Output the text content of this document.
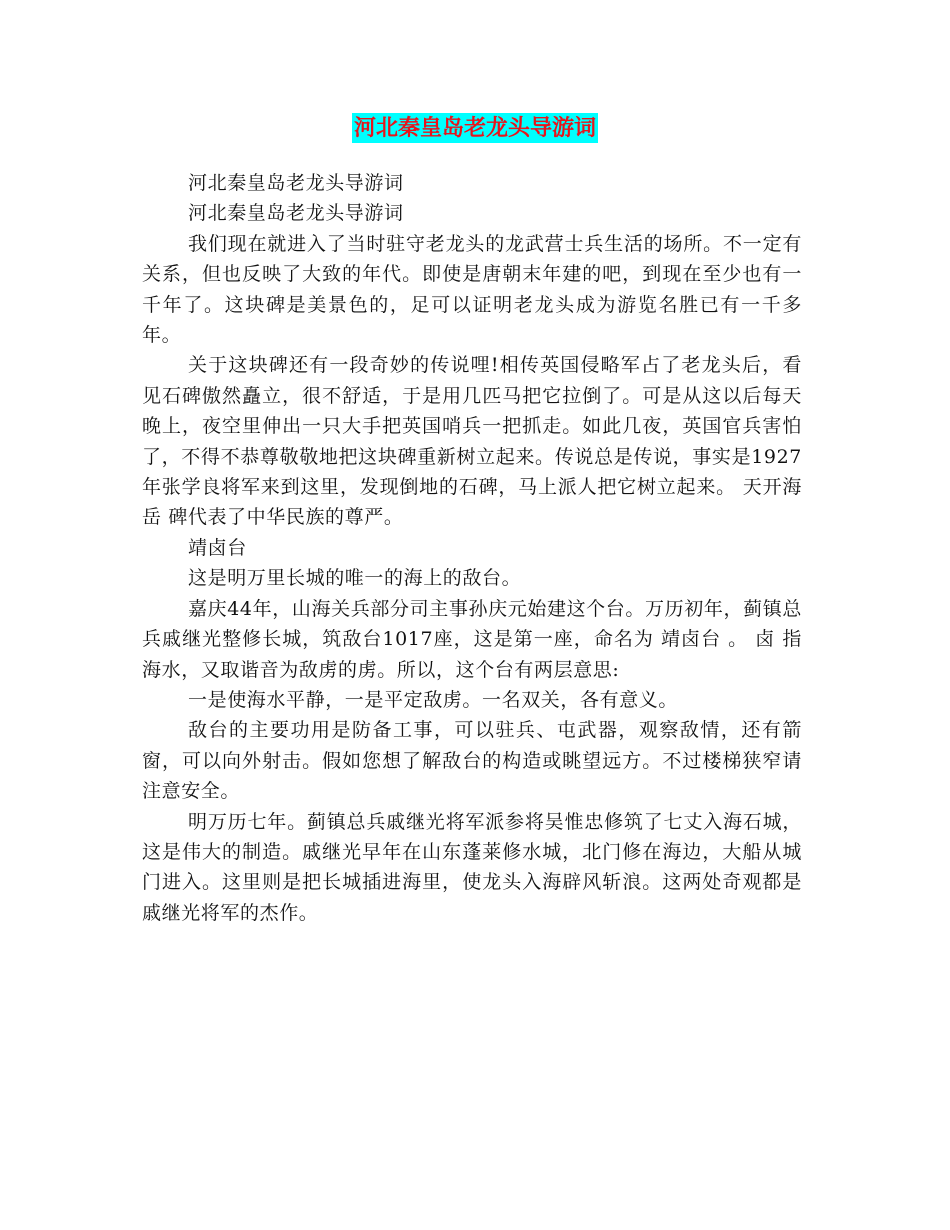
河北秦皇岛老龙头导游词

河北秦皇岛老龙头导游词

河北秦皇岛老龙头导游词

我们现在就进入了当时驻守老龙头的龙武营士兵生活的场所。不一定有关系，但也反映了大致的年代。即使是唐朝末年建的吧，到现在至少也有一千年了。这块碑是美景色的，足可以证明老龙头成为游览名胜已有一千多年。

关于这块碑还有一段奇妙的传说哩!相传英国侵略军占了老龙头后，看见石碑傲然矗立，很不舒适，于是用几匹马把它拉倒了。可是从这以后每天晚上，夜空里伸出一只大手把英国哨兵一把抓走。如此几夜，英国官兵害怕了，不得不恭尊敬敬地把这块碑重新树立起来。传说总是传说，事实是1927年张学良将军来到这里，发现倒地的石碑，马上派人把它树立起来。 天开海岳 碑代表了中华民族的尊严。

靖卤台

这是明万里长城的唯一的海上的敌台。

嘉庆44年，山海关兵部分司主事孙庆元始建这个台。万历初年，蓟镇总兵戚继光整修长城，筑敌台1017座，这是第一座，命名为 靖卤台 。 卤 指海水，又取谐音为敌虏的虏。所以，这个台有两层意思:

一是使海水平静，一是平定敌虏。一名双关，各有意义。

敌台的主要功用是防备工事，可以驻兵、屯武器，观察敌情，还有箭窗，可以向外射击。假如您想了解敌台的构造或眺望远方。不过楼梯狭窄请注意安全。

明万历七年。蓟镇总兵戚继光将军派参将吴惟忠修筑了七丈入海石城，这是伟大的制造。戚继光早年在山东蓬莱修水城，北门修在海边，大船从城门进入。这里则是把长城插进海里，使龙头入海辟风斩浪。这两处奇观都是戚继光将军的杰作。
